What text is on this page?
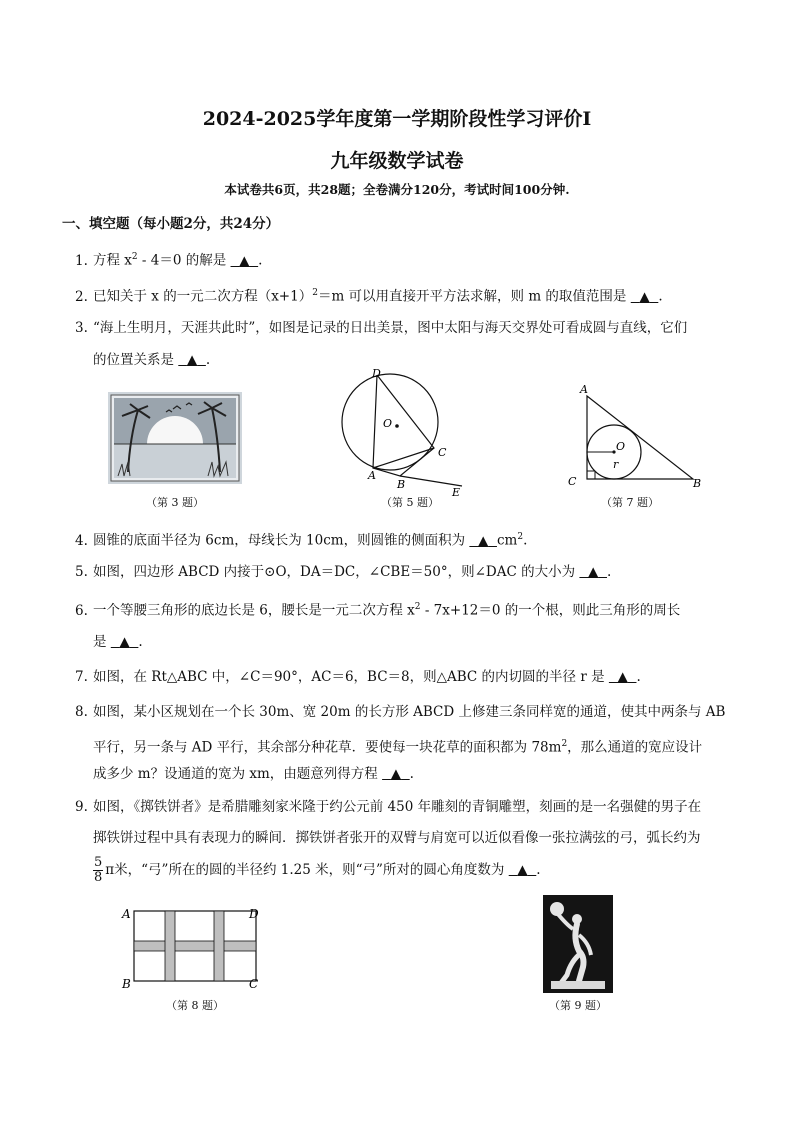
2024-2025学年度第一学期阶段性学习评价Ⅰ
九年级数学试卷
本试卷共6页，共28题；全卷满分120分，考试时间100分钟.
一、填空题（每小题2分，共24分）
1. 方程 $x^2 - 4=0$ 的解是   ▲ .
2. 已知关于 x 的一元二次方程$(x+1)^2=m$ 可以用直接开平方法求解，则 m 的取值范围是   ▲ .
3. “海上生明月，天涯共此时”，如图是记录的日出美景，图中太阳与海天交界处可看成圆与直线，它们
的位置关系是   ▲ .
（第 3 题）
D
O
C
A
B
E
（第 5 题）
A
O
r
C	B
（第 7 题）
4. 圆锥的底面半径为 6cm，母线长为 10cm，则圆锥的侧面积为   ▲ $cm^2$.
5. 如图，四边形 ABCD 内接于⊙O，DA＝DC，∠CBE＝50°，则∠DAC 的大小为   ▲ .
6. 一个等腰三角形的底边长是 6，腰长是一元二次方程 $x^2 - 7x+12=0$ 的一个根，则此三角形的周长
是   ▲ .
7. 如图，在 Rt△ABC 中，∠C＝90°，AC＝6，BC＝8，则△ABC 的内切圆的半径 r 是   ▲ .
8. 如图，某小区规划在一个长 30m、宽 20m 的长方形 ABCD 上修建三条同样宽的通道，使其中两条与 AB
平行，另一条与 AD 平行，其余部分种花草．要使每一块花草的面积都为 $78m^2$，那么通道的宽应设计
成多少 m？设通道的宽为 xm，由题意列得方程   ▲ .
9. 如图，《掷铁饼者》是希腊雕刻家米隆于约公元前 450 年雕刻的青铜雕塑，刻画的是一名强健的男子在
掷铁饼过程中具有表现力的瞬间．掷铁饼者张开的双臂与肩宽可以近似看像一张拉满弦的弓，弧长约为
$\frac{5}{8}$ π米，“弓”所在的圆的半径约 1.25 米，则“弓”所对的圆心角度数为   ▲ .
A	D
B	C
（第 8 题）	（第 9 题）
